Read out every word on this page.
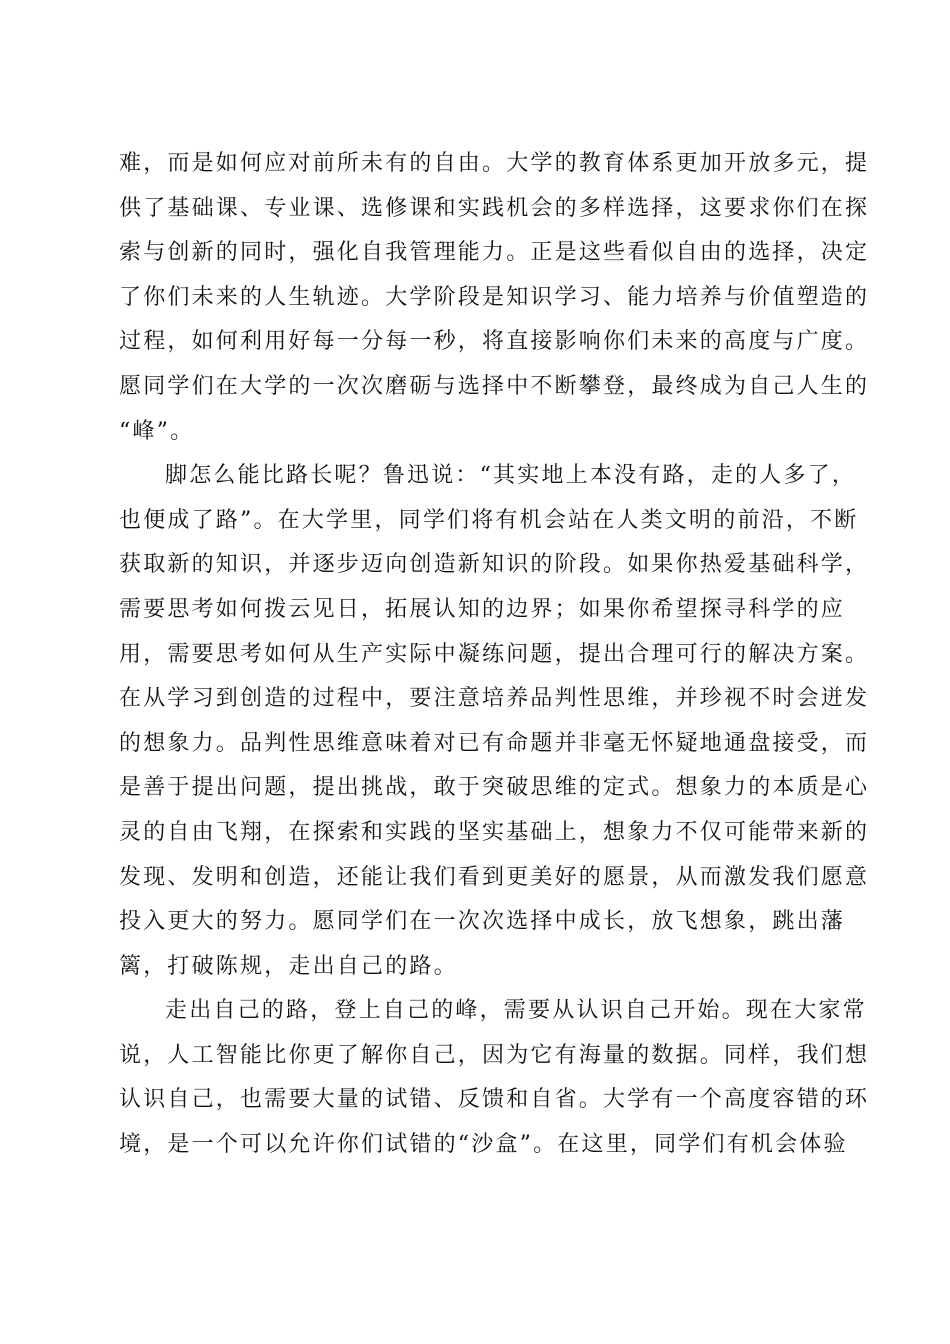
难，而是如何应对前所未有的自由。大学的教育体系更加开放多元，提
供了基础课、专业课、选修课和实践机会的多样选择，这要求你们在探
索与创新的同时，强化自我管理能力。正是这些看似自由的选择，决定
了你们未来的人生轨迹。大学阶段是知识学习、能力培养与价值塑造的
过程，如何利用好每一分每一秒，将直接影响你们未来的高度与广度。
愿同学们在大学的一次次磨砺与选择中不断攀登，最终成为自己人生的
“峰”。
脚怎么能比路长呢？鲁迅说：“其实地上本没有路，走的人多了，
也便成了路”。在大学里，同学们将有机会站在人类文明的前沿，不断
获取新的知识，并逐步迈向创造新知识的阶段。如果你热爱基础科学，
需要思考如何拨云见日，拓展认知的边界；如果你希望探寻科学的应
用，需要思考如何从生产实际中凝练问题，提出合理可行的解决方案。
在从学习到创造的过程中，要注意培养品判性思维，并珍视不时会迸发
的想象力。品判性思维意味着对已有命题并非毫无怀疑地通盘接受，而
是善于提出问题，提出挑战，敢于突破思维的定式。想象力的本质是心
灵的自由飞翔，在探索和实践的坚实基础上，想象力不仅可能带来新的
发现、发明和创造，还能让我们看到更美好的愿景，从而激发我们愿意
投入更大的努力。愿同学们在一次次选择中成长，放飞想象，跳出藩
篱，打破陈规，走出自己的路。
走出自己的路，登上自己的峰，需要从认识自己开始。现在大家常
说，人工智能比你更了解你自己，因为它有海量的数据。同样，我们想
认识自己，也需要大量的试错、反馈和自省。大学有一个高度容错的环
境，是一个可以允许你们试错的“沙盒”。在这里，同学们有机会体验
